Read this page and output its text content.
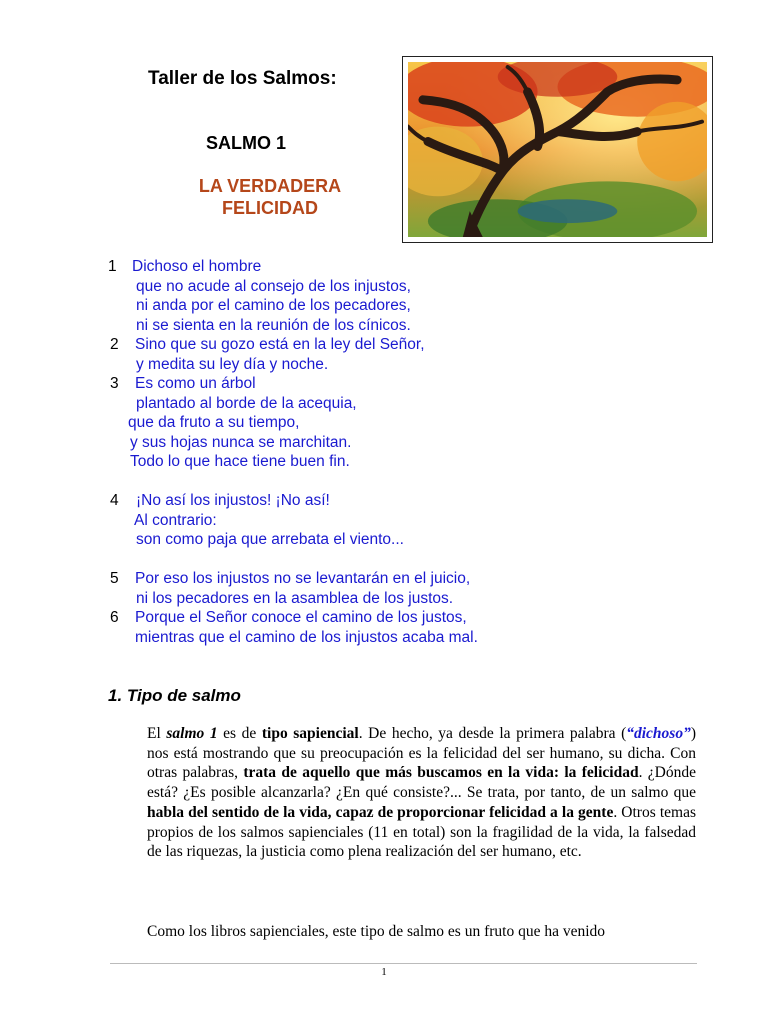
Taller de los Salmos:
SALMO 1
LA VERDADERA
FELICIDAD
1 Dichoso el hombre
que no acude al consejo de los injustos,
ni anda por el camino de los pecadores,
ni se sienta en la reunión de los cínicos.
2 Sino que su gozo está en la ley del Señor,
y medita su ley día y noche.
3 Es como un árbol
plantado al borde de la acequia,
que da fruto a su tiempo,
y sus hojas nunca se marchitan.
Todo lo que hace tiene buen fin.
4 ¡No así los injustos! ¡No así!
Al contrario:
son como paja que arrebata el viento...
5 Por eso los injustos no se levantarán en el juicio,
ni los pecadores en la asamblea de los justos.
6 Porque el Señor conoce el camino de los justos,
mientras que el camino de los injustos acaba mal.
1. Tipo de salmo
El salmo 1 es de tipo sapiencial. De hecho, ya desde la primera palabra (“dichoso”) nos está mostrando que su preocupación es la felicidad del ser humano, su dicha. Con otras palabras, trata de aquello que más buscamos en la vida: la felicidad. ¿Dónde está? ¿Es posible alcanzarla? ¿En qué consiste?... Se trata, por tanto, de un salmo que habla del sentido de la vida, capaz de proporcionar felicidad a la gente. Otros temas propios de los salmos sapienciales (11 en total) son la fragilidad de la vida, la falsedad de las riquezas, la justicia como plena realización del ser humano, etc.
Como los libros sapienciales, este tipo de salmo es un fruto que ha venido
1
